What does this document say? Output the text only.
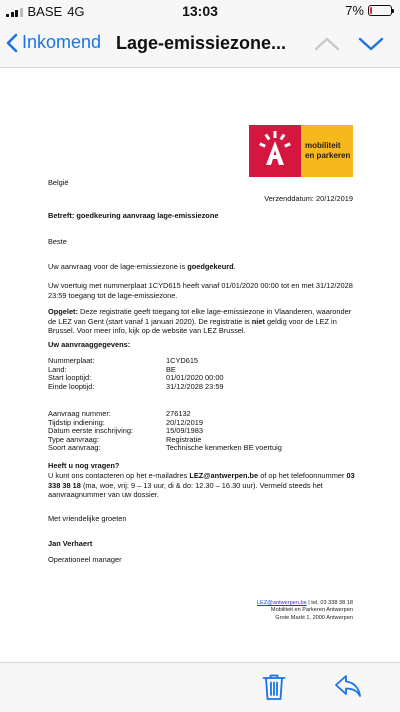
BASE 4G	13:03	7%
Inkomend Lage-emissiezone...
mobiliteit
en parkeren
België
Verzenddatum: 20/12/2019
Betreft: goedkeuring aanvraag lage-emissiezone
Beste
Uw aanvraag voor de lage-emissiezone is goedgekeurd.
Uw voertuig met nummerplaat 1CYD615 heeft vanaf 01/01/2020 00:00 tot en met 31/12/2028 23:59 toegang tot de lage-emissiezone.
Opgelet: Deze registratie geeft toegang tot elke lage-emissiezone in Vlaanderen, waaronder de LEZ van Gent (start vanaf 1 januari 2020). De registratie is niet geldig voor de LEZ in Brussel. Voor meer info, kijk op de website van LEZ Brussel.
Uw aanvraaggegevens:
Nummerplaat:	1CYD615
Land:	BE
Start looptijd:	01/01/2020 00:00
Einde looptijd:	31/12/2028 23:59
Aanvraag nummer:	276132
Tijdstip indiening:	20/12/2019
Datum eerste inschrijving:	15/09/1983
Type aanvraag:	Registratie
Soort aanvraag:	Technische kenmerken BE voertuig
Heeft u nog vragen?
U kunt ons contacteren op het e-mailadres LEZ@antwerpen.be of op het telefoonnummer 03 338 38 18 (ma, woe, vrij: 9 – 13 uur, di & do: 12.30 – 16.30 uur). Vermeld steeds het aanvraagnummer van uw dossier.
Met vriendelijke groeten
Jan Verhaert
Operationeel manager
LEZ@antwerpen.be | tel. 03 338 38 18
Mobiliteit en Parkeren Antwerpen
Grote Markt 1, 2000 Antwerpen
